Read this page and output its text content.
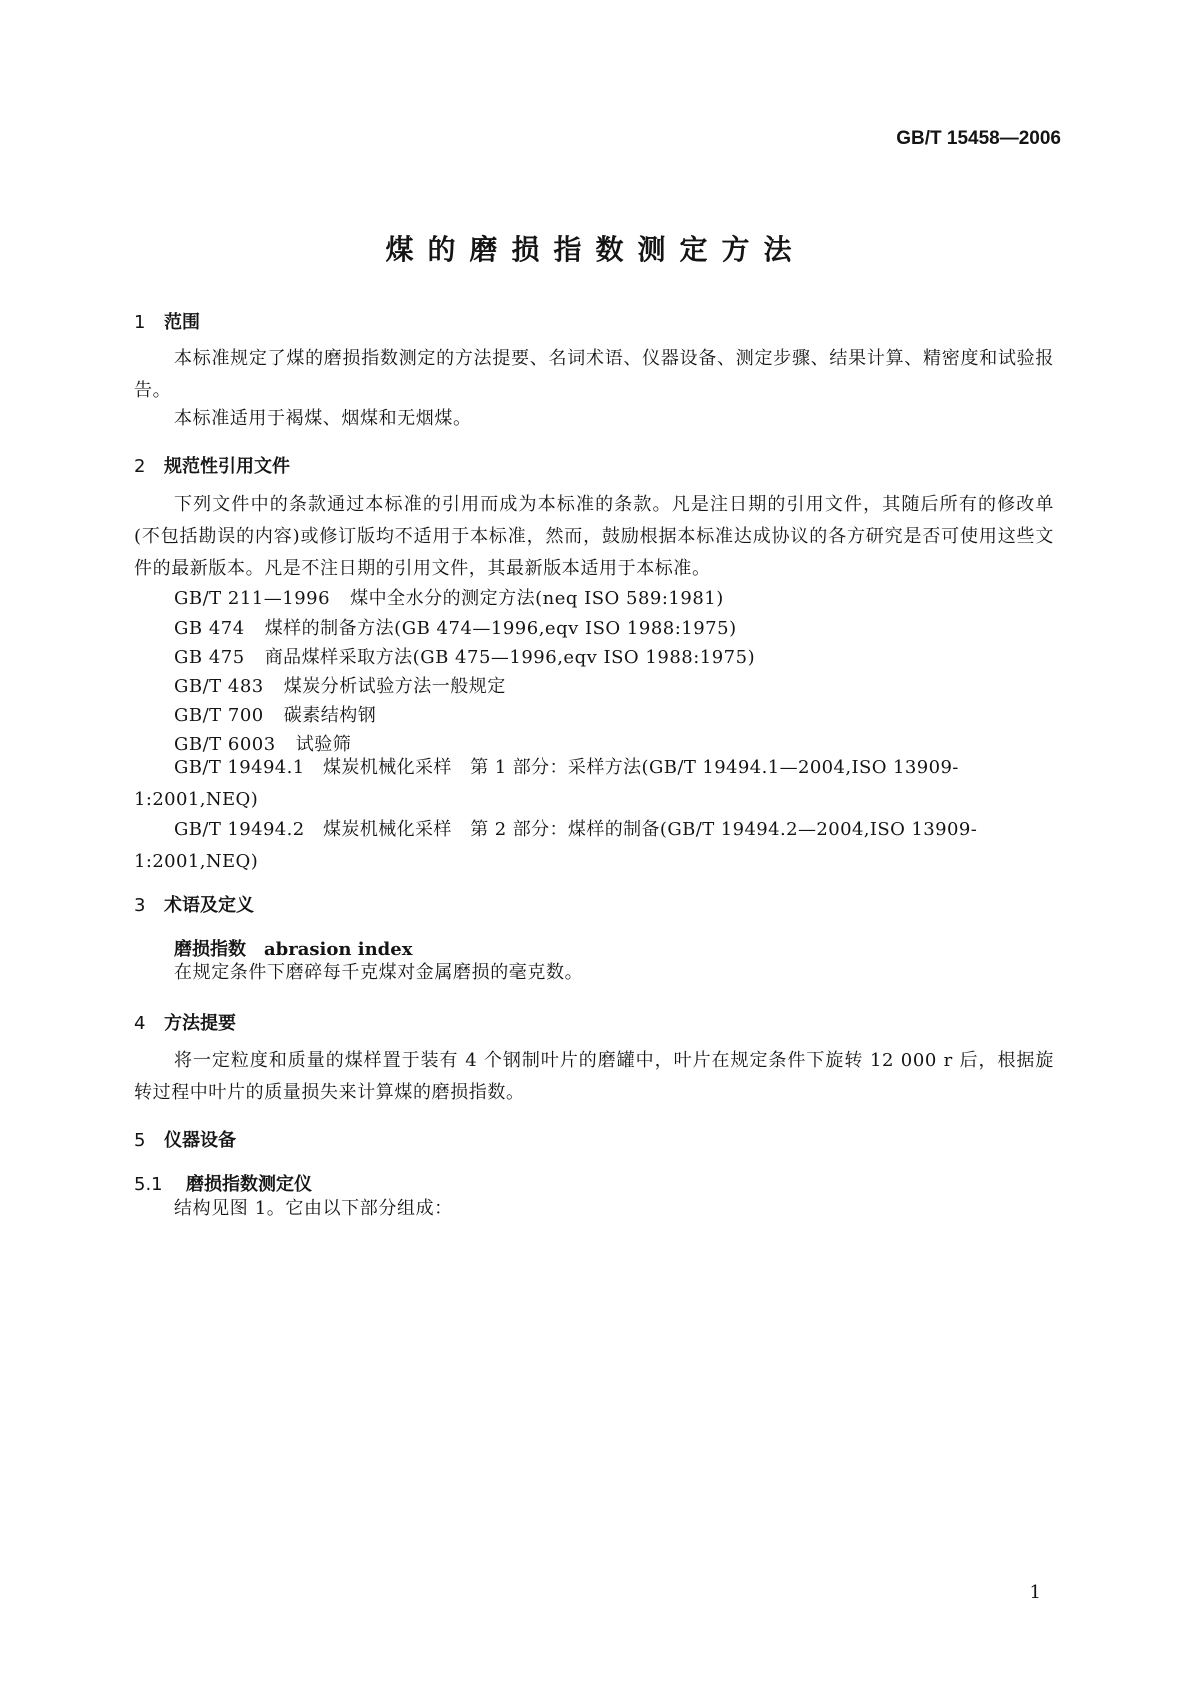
GB/T 15458—2006
煤的磨损指数测定方法
1 范围
本标准规定了煤的磨损指数测定的方法提要、名词术语、仪器设备、测定步骤、结果计算、精密度和试验报告。
本标准适用于褐煤、烟煤和无烟煤。
2 规范性引用文件
下列文件中的条款通过本标准的引用而成为本标准的条款。凡是注日期的引用文件，其随后所有的修改单(不包括勘误的内容)或修订版均不适用于本标准，然而，鼓励根据本标准达成协议的各方研究是否可使用这些文件的最新版本。凡是不注日期的引用文件，其最新版本适用于本标准。
GB/T 211—1996 煤中全水分的测定方法(neq ISO 589:1981)
GB 474 煤样的制备方法(GB 474—1996,eqv ISO 1988:1975)
GB 475 商品煤样采取方法(GB 475—1996,eqv ISO 1988:1975)
GB/T 483 煤炭分析试验方法一般规定
GB/T 700 碳素结构钢
GB/T 6003 试验筛
GB/T 19494.1　煤炭机械化采样　第 1 部分：采样方法(GB/T 19494.1—2004,ISO 13909-1:2001,NEQ)
GB/T 19494.2　煤炭机械化采样　第 2 部分：煤样的制备(GB/T 19494.2—2004,ISO 13909-1:2001,NEQ)
3 术语及定义
磨损指数 abrasion index
在规定条件下磨碎每千克煤对金属磨损的毫克数。
4 方法提要
将一定粒度和质量的煤样置于装有 4 个钢制叶片的磨罐中，叶片在规定条件下旋转 12 000 r 后，根据旋转过程中叶片的质量损失来计算煤的磨损指数。
5 仪器设备
5.1 磨损指数测定仪
结构见图 1。它由以下部分组成：
1
